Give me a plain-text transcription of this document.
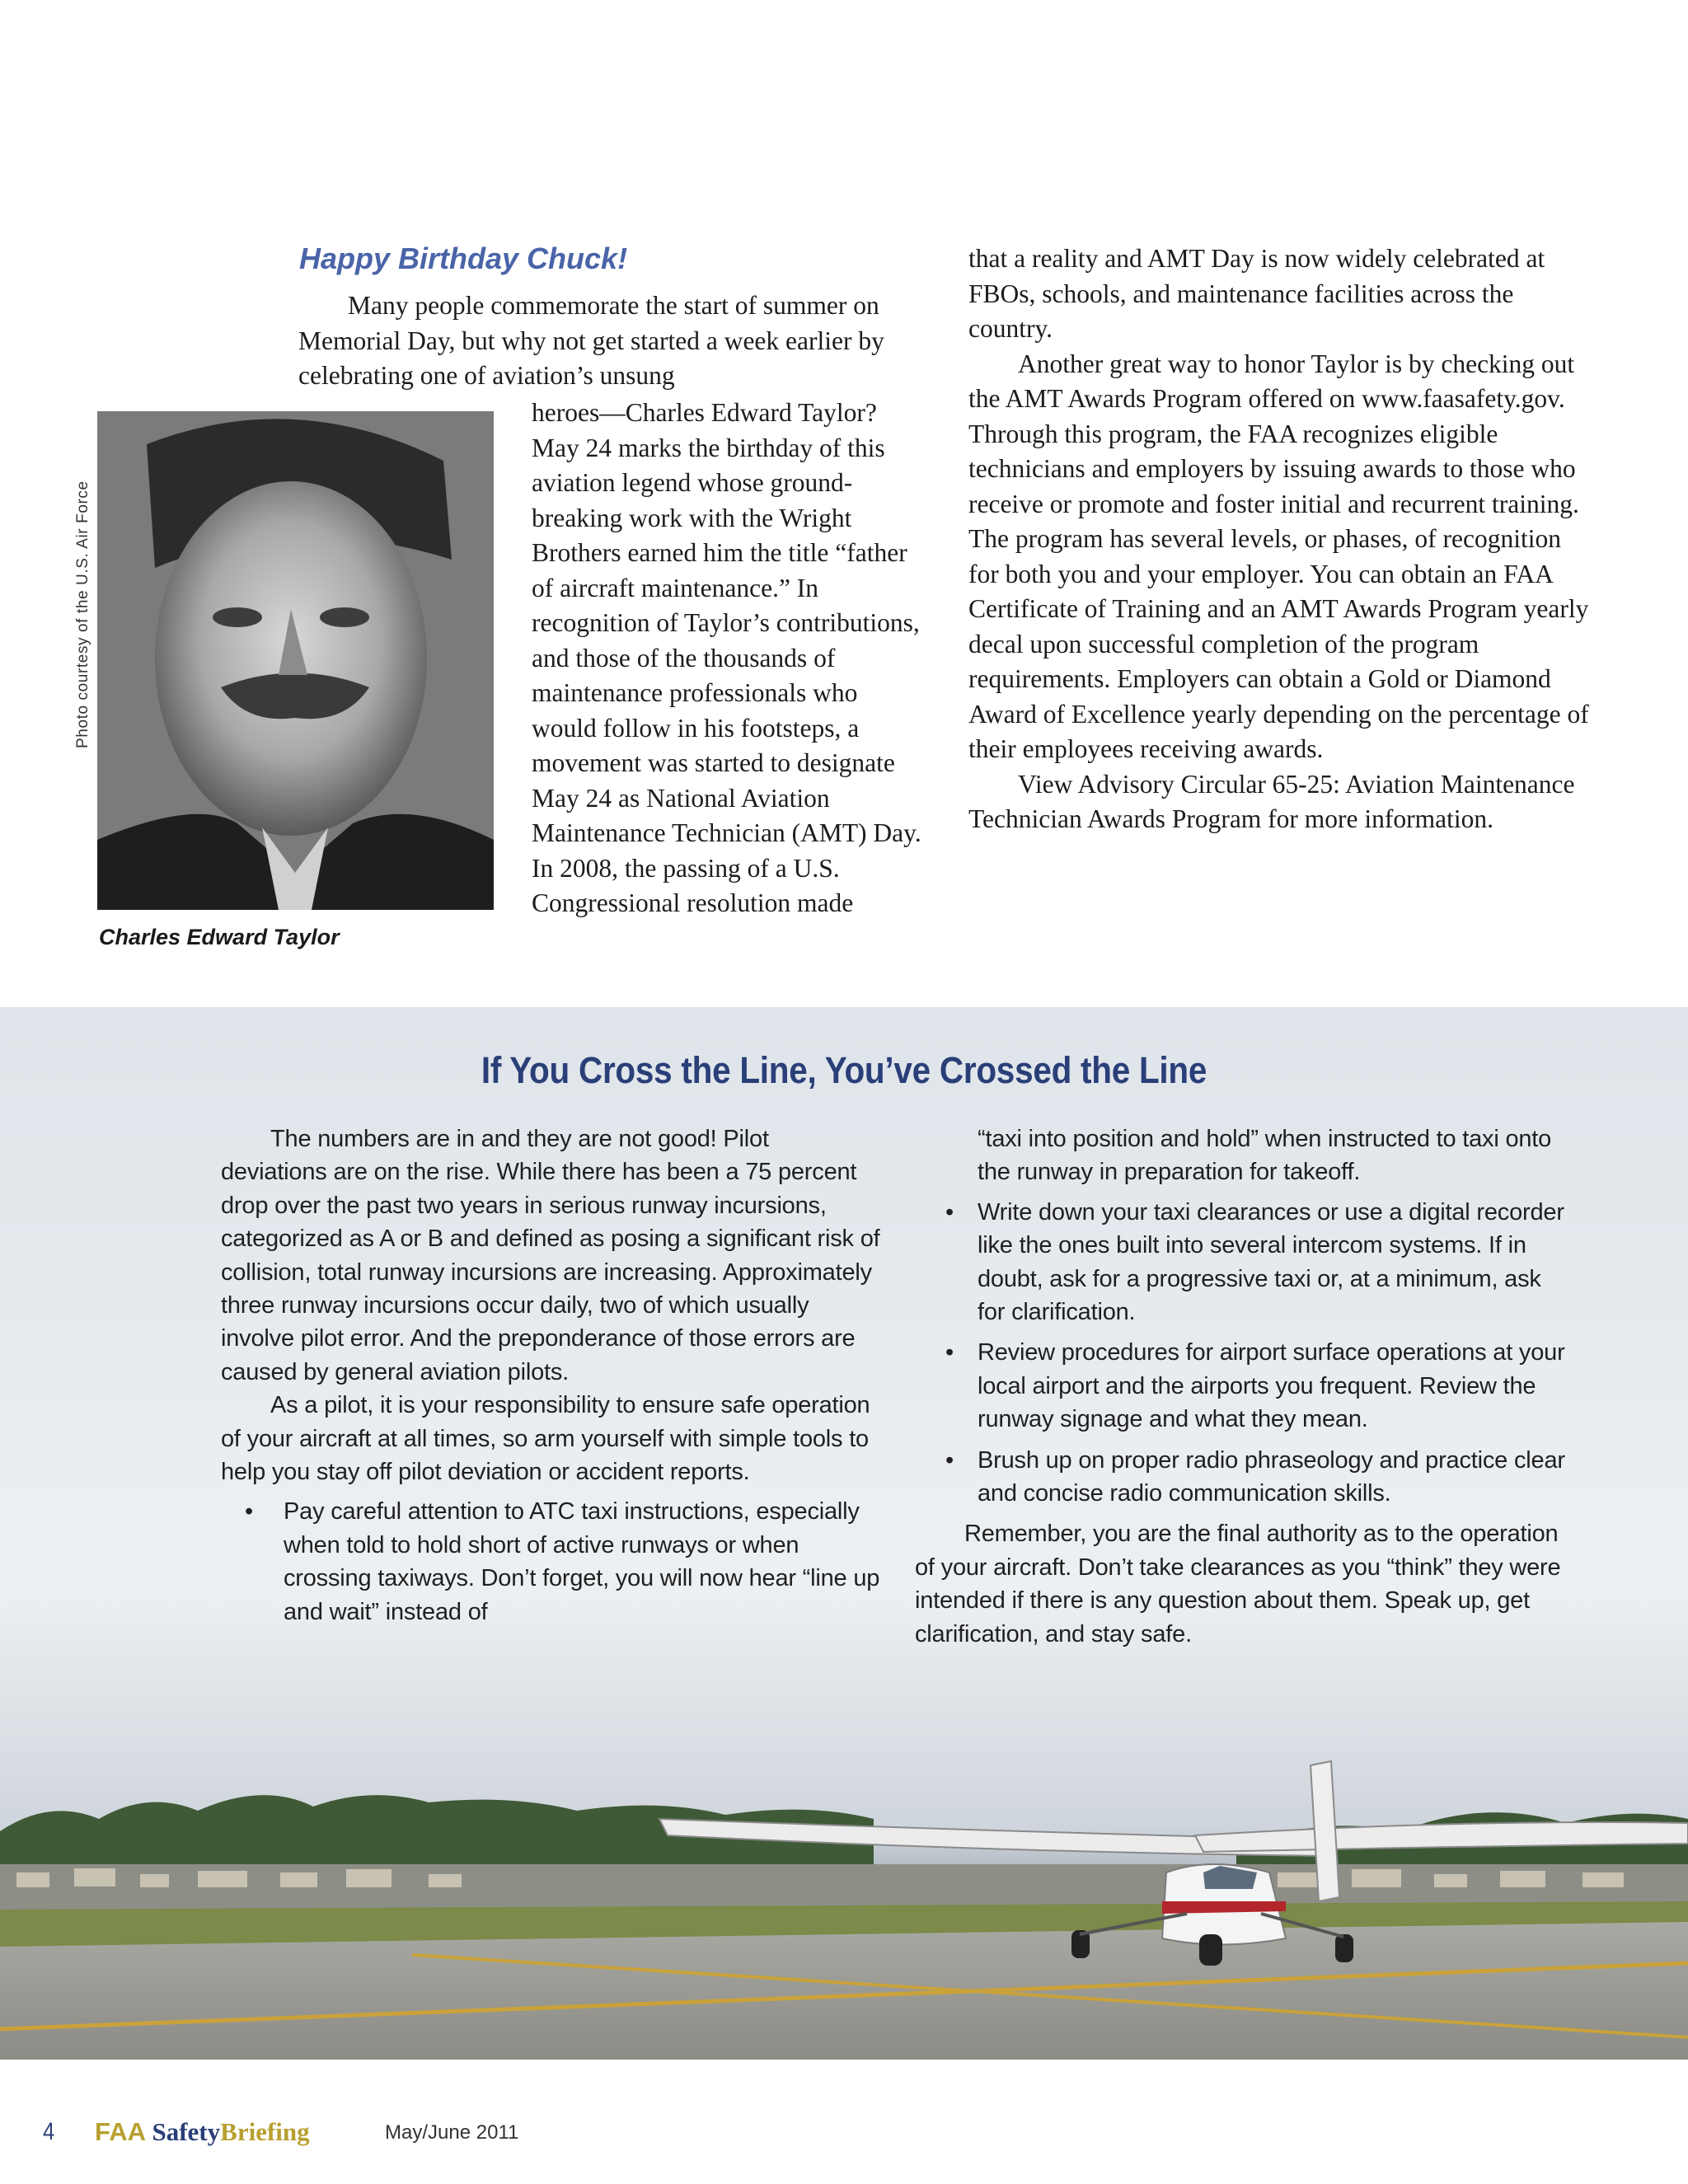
Happy Birthday Chuck!

Many people commemorate the start of summer on Memorial Day, but why not get started a week earlier by celebrating one of aviation’s unsung

Photo courtesy of the U.S. Air Force
Charles Edward Taylor

heroes—Charles Edward Taylor? May 24 marks the birthday of this aviation legend whose ground-breaking work with the Wright Brothers earned him the title “father of aircraft maintenance.” In recognition of Taylor’s contributions, and those of the thousands of maintenance professionals who would follow in his footsteps, a movement was started to designate May 24 as National Aviation Maintenance Technician (AMT) Day. In 2008, the passing of a U.S. Congressional resolution made

that a reality and AMT Day is now widely celebrated at FBOs, schools, and maintenance facilities across the country.

Another great way to honor Taylor is by checking out the AMT Awards Program offered on www.faasafety.gov. Through this program, the FAA recognizes eligible technicians and employers by issuing awards to those who receive or promote and foster initial and recurrent training. The program has several levels, or phases, of recognition for both you and your employer. You can obtain an FAA Certificate of Training and an AMT Awards Program yearly decal upon successful completion of the program requirements. Employers can obtain a Gold or Diamond Award of Excellence yearly depending on the percentage of their employees receiving awards.

View Advisory Circular 65-25: Aviation Maintenance Technician Awards Program for more information.

If You Cross the Line, You’ve Crossed the Line

The numbers are in and they are not good! Pilot deviations are on the rise. While there has been a 75 percent drop over the past two years in serious runway incursions, categorized as A or B and defined as posing a significant risk of collision, total runway incursions are increasing. Approximately three runway incursions occur daily, two of which usually involve pilot error. And the preponderance of those errors are caused by general aviation pilots.

As a pilot, it is your responsibility to ensure safe operation of your aircraft at all times, so arm yourself with simple tools to help you stay off pilot deviation or accident reports.

• Pay careful attention to ATC taxi instructions, especially when told to hold short of active runways or when crossing taxiways. Don’t forget, you will now hear “line up and wait” instead of

“taxi into position and hold” when instructed to taxi onto the runway in preparation for takeoff.

• Write down your taxi clearances or use a digital recorder like the ones built into several intercom systems. If in doubt, ask for a progressive taxi or, at a minimum, ask for clarification.
• Review procedures for airport surface operations at your local airport and the airports you frequent. Review the runway signage and what they mean.
• Brush up on proper radio phraseology and practice clear and concise radio communication skills.

Remember, you are the final authority as to the operation of your aircraft. Don’t take clearances as you “think” they were intended if there is any question about them. Speak up, get clarification, and stay safe.

4 FAA SafetyBriefing	May/June 2011
